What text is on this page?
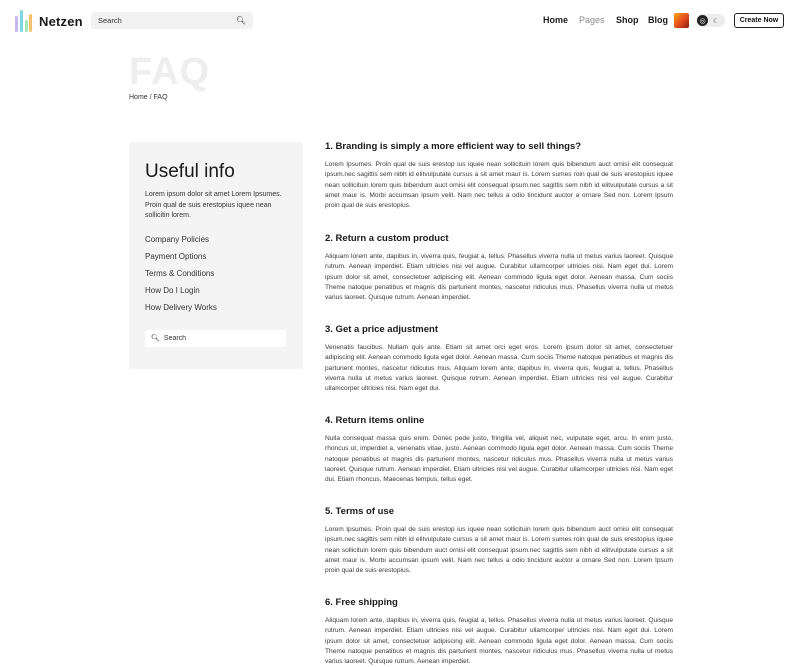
Netzen
Search	🔍︎	Home Pages Shop Blog	◎	☾	Create Now
FAQ
Home / FAQ
Useful info
Lorem ipsum dolor sit amet Lorem Ipsumes. Proin qual de suis erestopius iquee nean sollicitin lorem.
Company Policies
Payment Options
Terms & Conditions
How Do I Login
How Delivery Works
🔍︎
Search
1. Branding is simply a more efficient way to sell things?

Lorem Ipsumes. Proin qual de suis erestop ius iquee nean sollicituin lorem quis bibendum auct ornisi elit consequat ipsum.nec sagittis sem nibh id elitvulputate cursus a sit amet maur is. Lorem sumes roin qual de suis erestopius iquee nean sollicituin lorem quis bibendum auct ornisi elit consequat ipsum.nec sagittis sem nibh id elitvulputate cursus a sit amet maur is. Morbi accumsan ipsum velit. Nam nec tellus a odio tincidunt auctor a ornare Sed non. Lorem Ipsum proin qual de suis erestopius.

2. Return a custom product

Aliquam lorem ante, dapibus in, viverra quis, feugiat a, tellus. Phasellus viverra nulla ut metus varius laoreet. Quisque rutrum. Aenean imperdiet. Etiam ultricies nisi vel augue. Curabitur ullamcorper ultricies nisi. Nam eget dui. Lorem ipsum dolor sit amet, consectetuer adipiscing elit. Aenean commodo ligula eget dolor. Aenean massa. Cum sociis Theme natoque penatibus et magnis dis parturient montes, nascetur ridiculus mus. Phasellus viverra nulla ut metus varius laoreet. Quisque rutrum. Aenean imperdiet.

3. Get a price adjustment

Venenatis faucibus. Nullam quis ante. Etiam sit amet orci eget eros. Lorem ipsum dolor sit amet, consectetuer adipiscing elit. Aenean commodo ligula eget dolor. Aenean massa. Cum sociis Theme natoque penatibus et magnis dis parturient montes, nascetur ridiculus mus. Aliquam lorem ante, dapibus in, viverra quis, feugiat a, tellus. Phasellus viverra nulla ut metus varius laoreet. Quisque rutrum. Aenean imperdiet. Etiam ultricies nisi vel augue. Curabitur ullamcorper ultricies nisi. Nam eget dui.

4. Return items online

Nulla consequat massa quis enim. Donec pede justo, fringilla vel, aliquet nec, vulputate eget, arcu. In enim justo, rhoncus ut, imperdiet a, venenatis vitae, justo. Aenean commodo ligula eget dolor. Aenean massa. Cum sociis Theme natoque penatibus et magnis dis parturient montes, nascetur ridiculus mus. Phasellus viverra nulla ut metus varius laoreet. Quisque rutrum. Aenean imperdiet. Etiam ultricies nisi vel augue. Curabitur ullamcorper ultricies nisi. Nam eget dui. Etiam rhoncus. Maecenas tempus, tellus eget.

5. Terms of use

Lorem Ipsumes. Proin qual de suis erestop ius iquee nean sollicituin lorem quis bibendum auct ornisi elit consequat ipsum.nec sagittis sem nibh id elitvulputate cursus a sit amet maur is. Lorem sumes roin qual de suis erestopius iquee nean sollicituin lorem quis bibendum auct ornisi elit consequat ipsum.nec sagittis sem nibh id elitvulputate cursus a sit amet maur is. Morbi accumsan ipsum velit. Nam nec tellus a odio tincidunt auctor a ornare Sed non. Lorem Ipsum proin qual de suis erestopius.

6. Free shipping

Aliquam lorem ante, dapibus in, viverra quis, feugiat a, tellus. Phasellus viverra nulla ut metus varius laoreet. Quisque rutrum. Aenean imperdiet. Etiam ultricies nisi vel augue. Curabitur ullamcorper ultricies nisi. Nam eget dui. Lorem ipsum dolor sit amet, consectetuer adipiscing elit. Aenean commodo ligula eget dolor. Aenean massa. Cum sociis Theme natoque penatibus et magnis dis parturient montes, nascetur ridiculus mus. Phasellus viverra nulla ut metus varius laoreet. Quisque rutrum. Aenean imperdiet.
